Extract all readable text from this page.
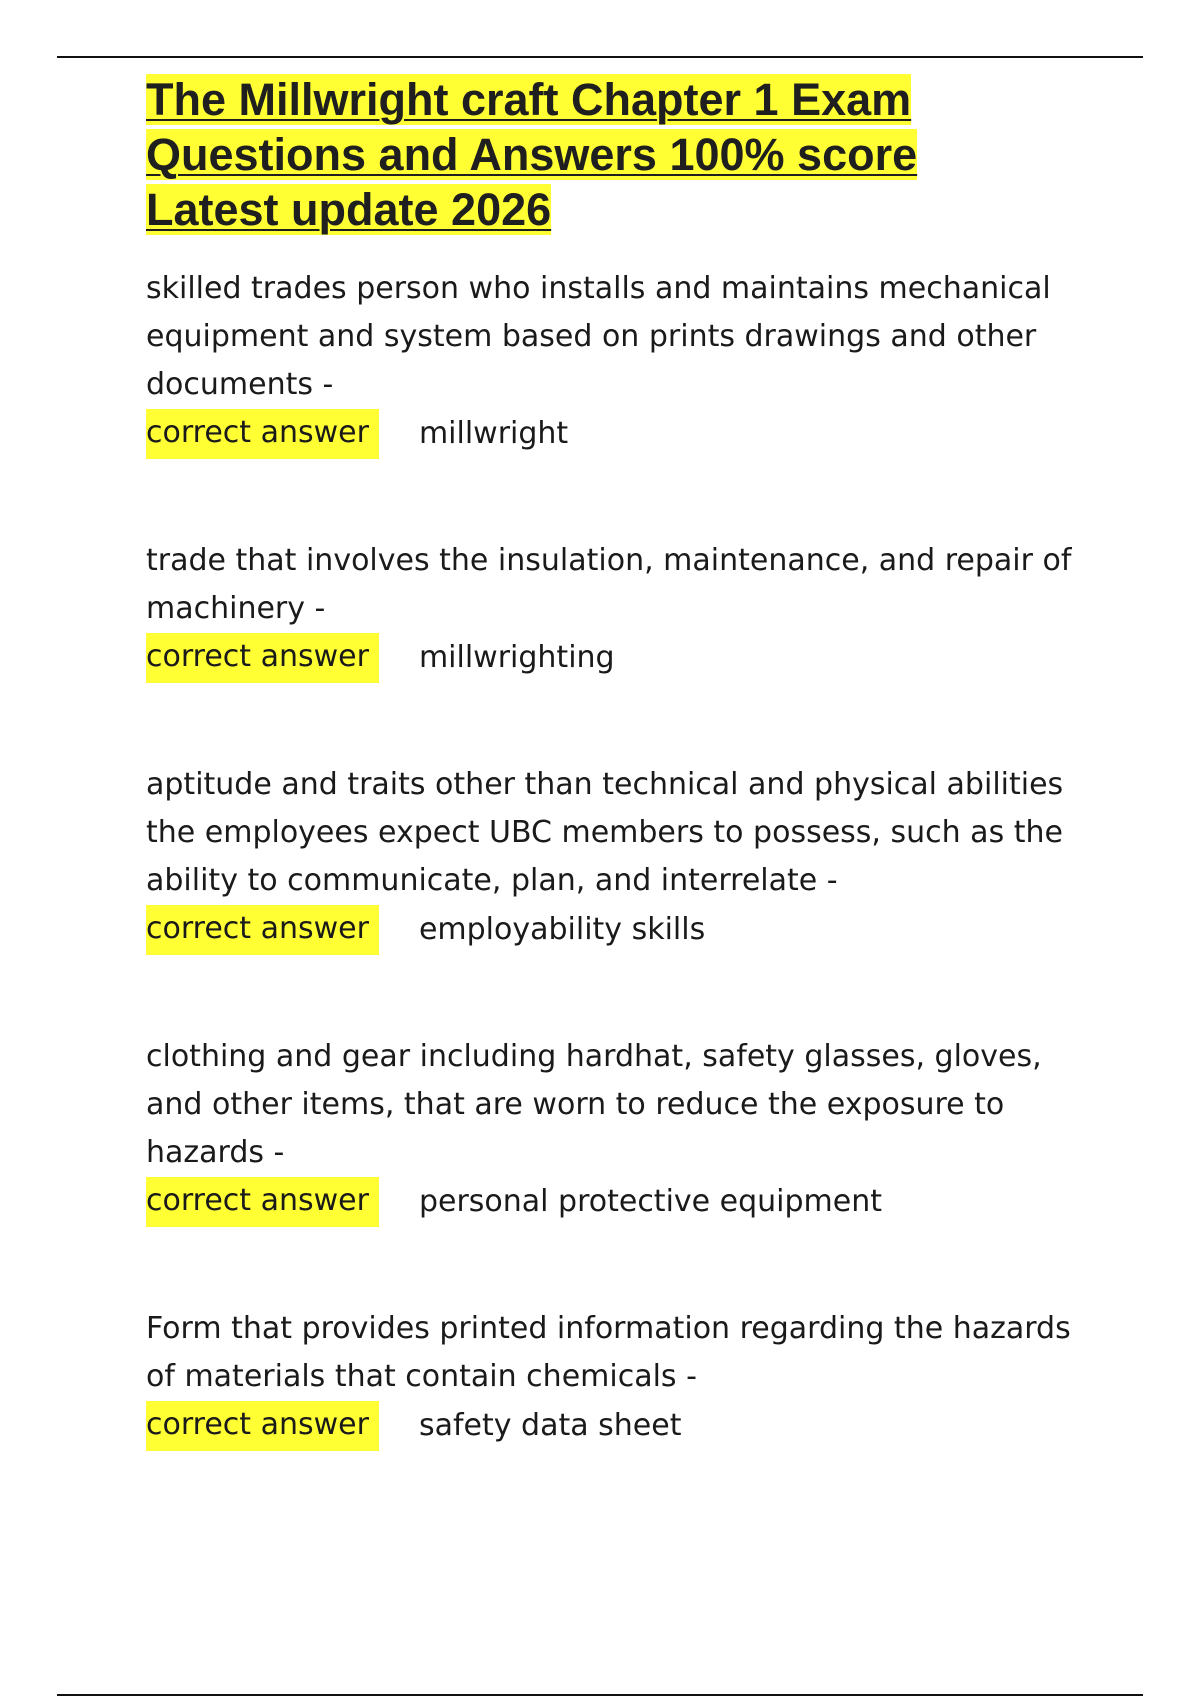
The Millwright craft Chapter 1 Exam Questions and Answers 100% score Latest update 2026

skilled trades person who installs and maintains mechanical equipment and system based on prints drawings and other documents -

correct answer	millwright

trade that involves the insulation, maintenance, and repair of machinery -

correct answer	millwrighting

aptitude and traits other than technical and physical abilities the employees expect UBC members to possess, such as the ability to communicate, plan, and interrelate -

correct answer	employability skills

clothing and gear including hardhat, safety glasses, gloves, and other items, that are worn to reduce the exposure to hazards -

correct answer	personal protective equipment

Form that provides printed information regarding the hazards of materials that contain chemicals -

correct answer	safety data sheet
